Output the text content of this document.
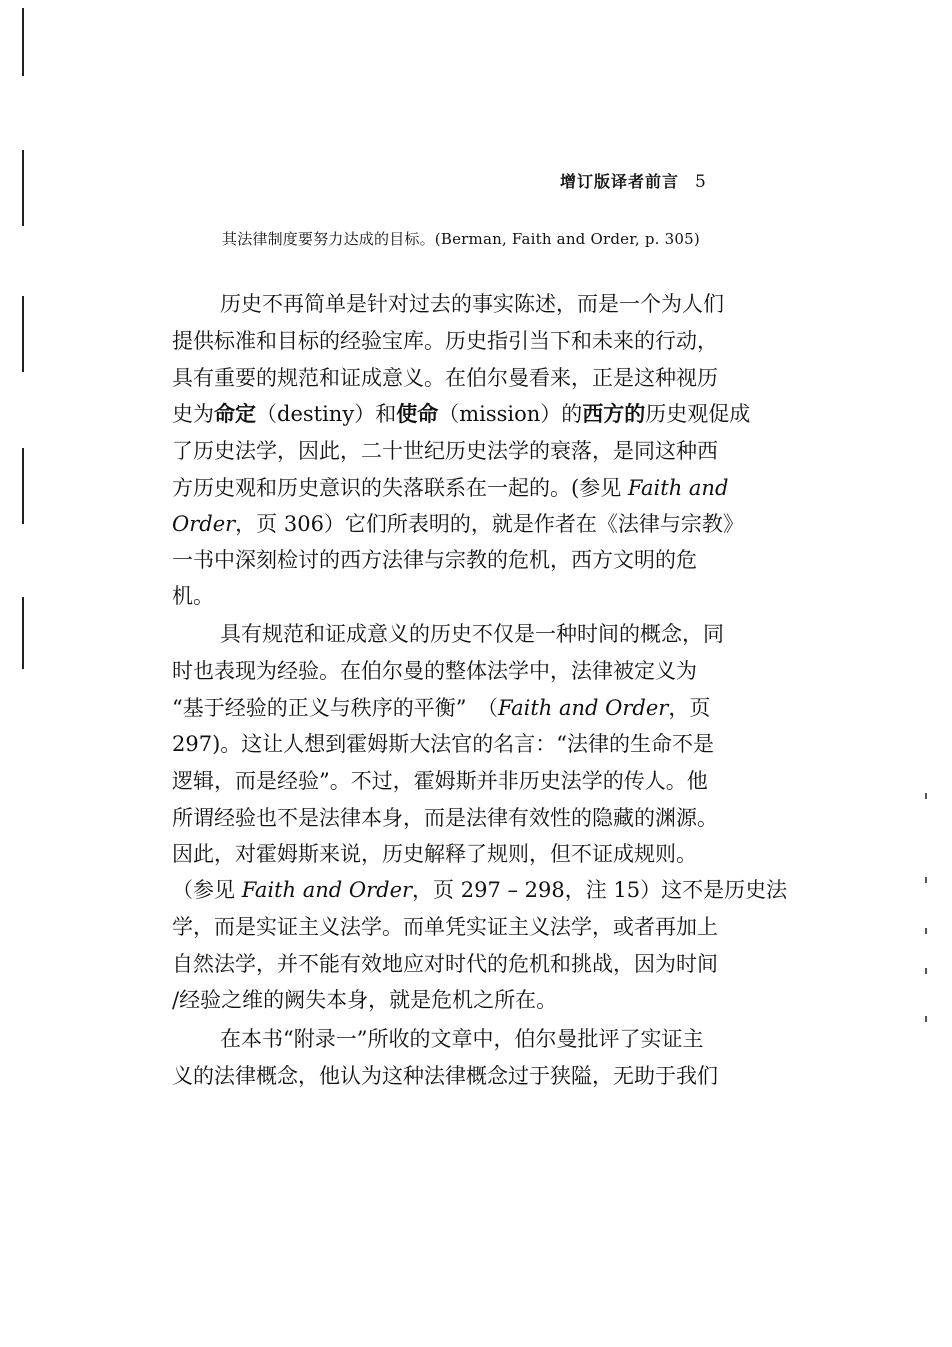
增订版译者前言 5
其法律制度要努力达成的目标。(Berman, Faith and Order, p. 305)
历史不再简单是针对过去的事实陈述，而是一个为人们
提供标准和目标的经验宝库。历史指引当下和未来的行动，
具有重要的规范和证成意义。在伯尔曼看来，正是这种视历
史为命定（destiny）和使命（mission）的西方的历史观促成
了历史法学，因此，二十世纪历史法学的衰落，是同这种西
方历史观和历史意识的失落联系在一起的。(参见 Faith and
Order，页 306）它们所表明的，就是作者在《法律与宗教》
一书中深刻检讨的西方法律与宗教的危机，西方文明的危
机。
具有规范和证成意义的历史不仅是一种时间的概念，同
时也表现为经验。在伯尔曼的整体法学中，法律被定义为
“基于经验的正义与秩序的平衡”　（Faith and Order，页
297)。这让人想到霍姆斯大法官的名言：“法律的生命不是
逻辑，而是经验”。不过，霍姆斯并非历史法学的传人。他
所谓经验也不是法律本身，而是法律有效性的隐藏的渊源。
因此，对霍姆斯来说，历史解释了规则，但不证成规则。
（参见 Faith and Order，页 297 – 298，注 15）这不是历史法
学，而是实证主义法学。而单凭实证主义法学，或者再加上
自然法学，并不能有效地应对时代的危机和挑战，因为时间
/经验之维的阙失本身，就是危机之所在。
在本书“附录一”所收的文章中，伯尔曼批评了实证主
义的法律概念，他认为这种法律概念过于狭隘，无助于我们
